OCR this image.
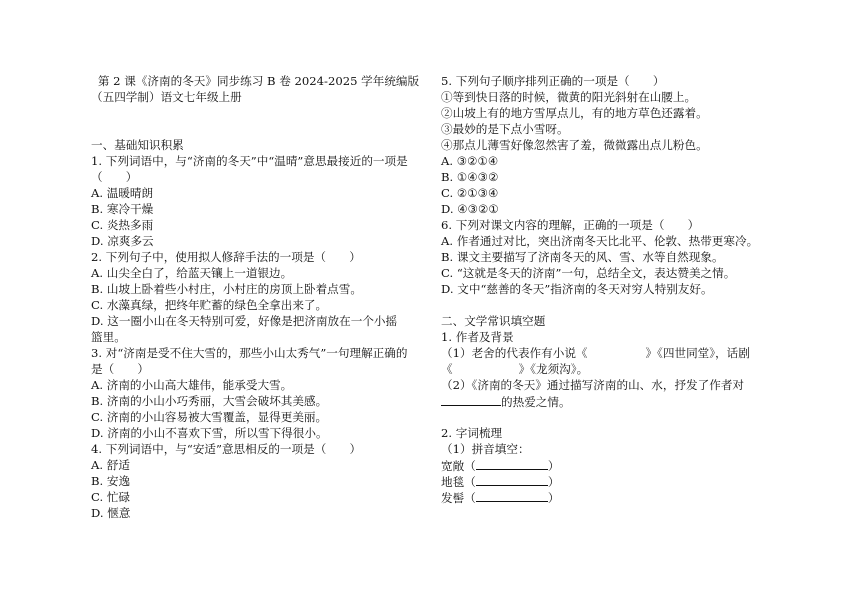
第 2 课《济南的冬天》同步练习 B 卷 2024-2025 学年统编版
（五四学制）语文七年级上册
一、基础知识积累
1. 下列词语中，与“济南的冬天”中“温晴”意思最接近的一项是
（　　）
A. 温暖晴朗
B. 寒冷干燥
C. 炎热多雨
D. 凉爽多云
2. 下列句子中，使用拟人修辞手法的一项是（　　）
A. 山尖全白了，给蓝天镶上一道银边。
B. 山坡上卧着些小村庄，小村庄的房顶上卧着点雪。
C. 水藻真绿，把终年贮蓄的绿色全拿出来了。
D. 这一圈小山在冬天特别可爱，好像是把济南放在一个小摇
篮里。
3. 对“济南是受不住大雪的，那些小山太秀气”一句理解正确的
是（　　）
A. 济南的小山高大雄伟，能承受大雪。
B. 济南的小山小巧秀丽，大雪会破坏其美感。
C. 济南的小山容易被大雪覆盖，显得更美丽。
D. 济南的小山不喜欢下雪，所以雪下得很小。
4. 下列词语中，与“安适”意思相反的一项是（　　）
A. 舒适
B. 安逸
C. 忙碌
D. 惬意
5. 下列句子顺序排列正确的一项是（　　）
①等到快日落的时候，微黄的阳光斜射在山腰上。
②山坡上有的地方雪厚点儿，有的地方草色还露着。
③最妙的是下点小雪呀。
④那点儿薄雪好像忽然害了羞，微微露出点儿粉色。
A. ③②①④
B. ①④③②
C. ②①③④
D. ④③②①
6. 下列对课文内容的理解，正确的一项是（　　）
A. 作者通过对比，突出济南冬天比北平、伦敦、热带更寒冷。
B. 课文主要描写了济南冬天的风、雪、水等自然现象。
C. “这就是冬天的济南”一句，总结全文，表达赞美之情。
D. 文中“慈善的冬天”指济南的冬天对穷人特别友好。
二、文学常识填空题
1. 作者及背景
（1）老舍的代表作有小说《	》《四世同堂》，话剧
《	》《龙须沟》。
（2）《济南的冬天》通过描写济南的山、水，抒发了作者对
的热爱之情。
2. 字词梳理
（1）拼音填空：
宽敞（	）
地毯（	）
发髻（	）
